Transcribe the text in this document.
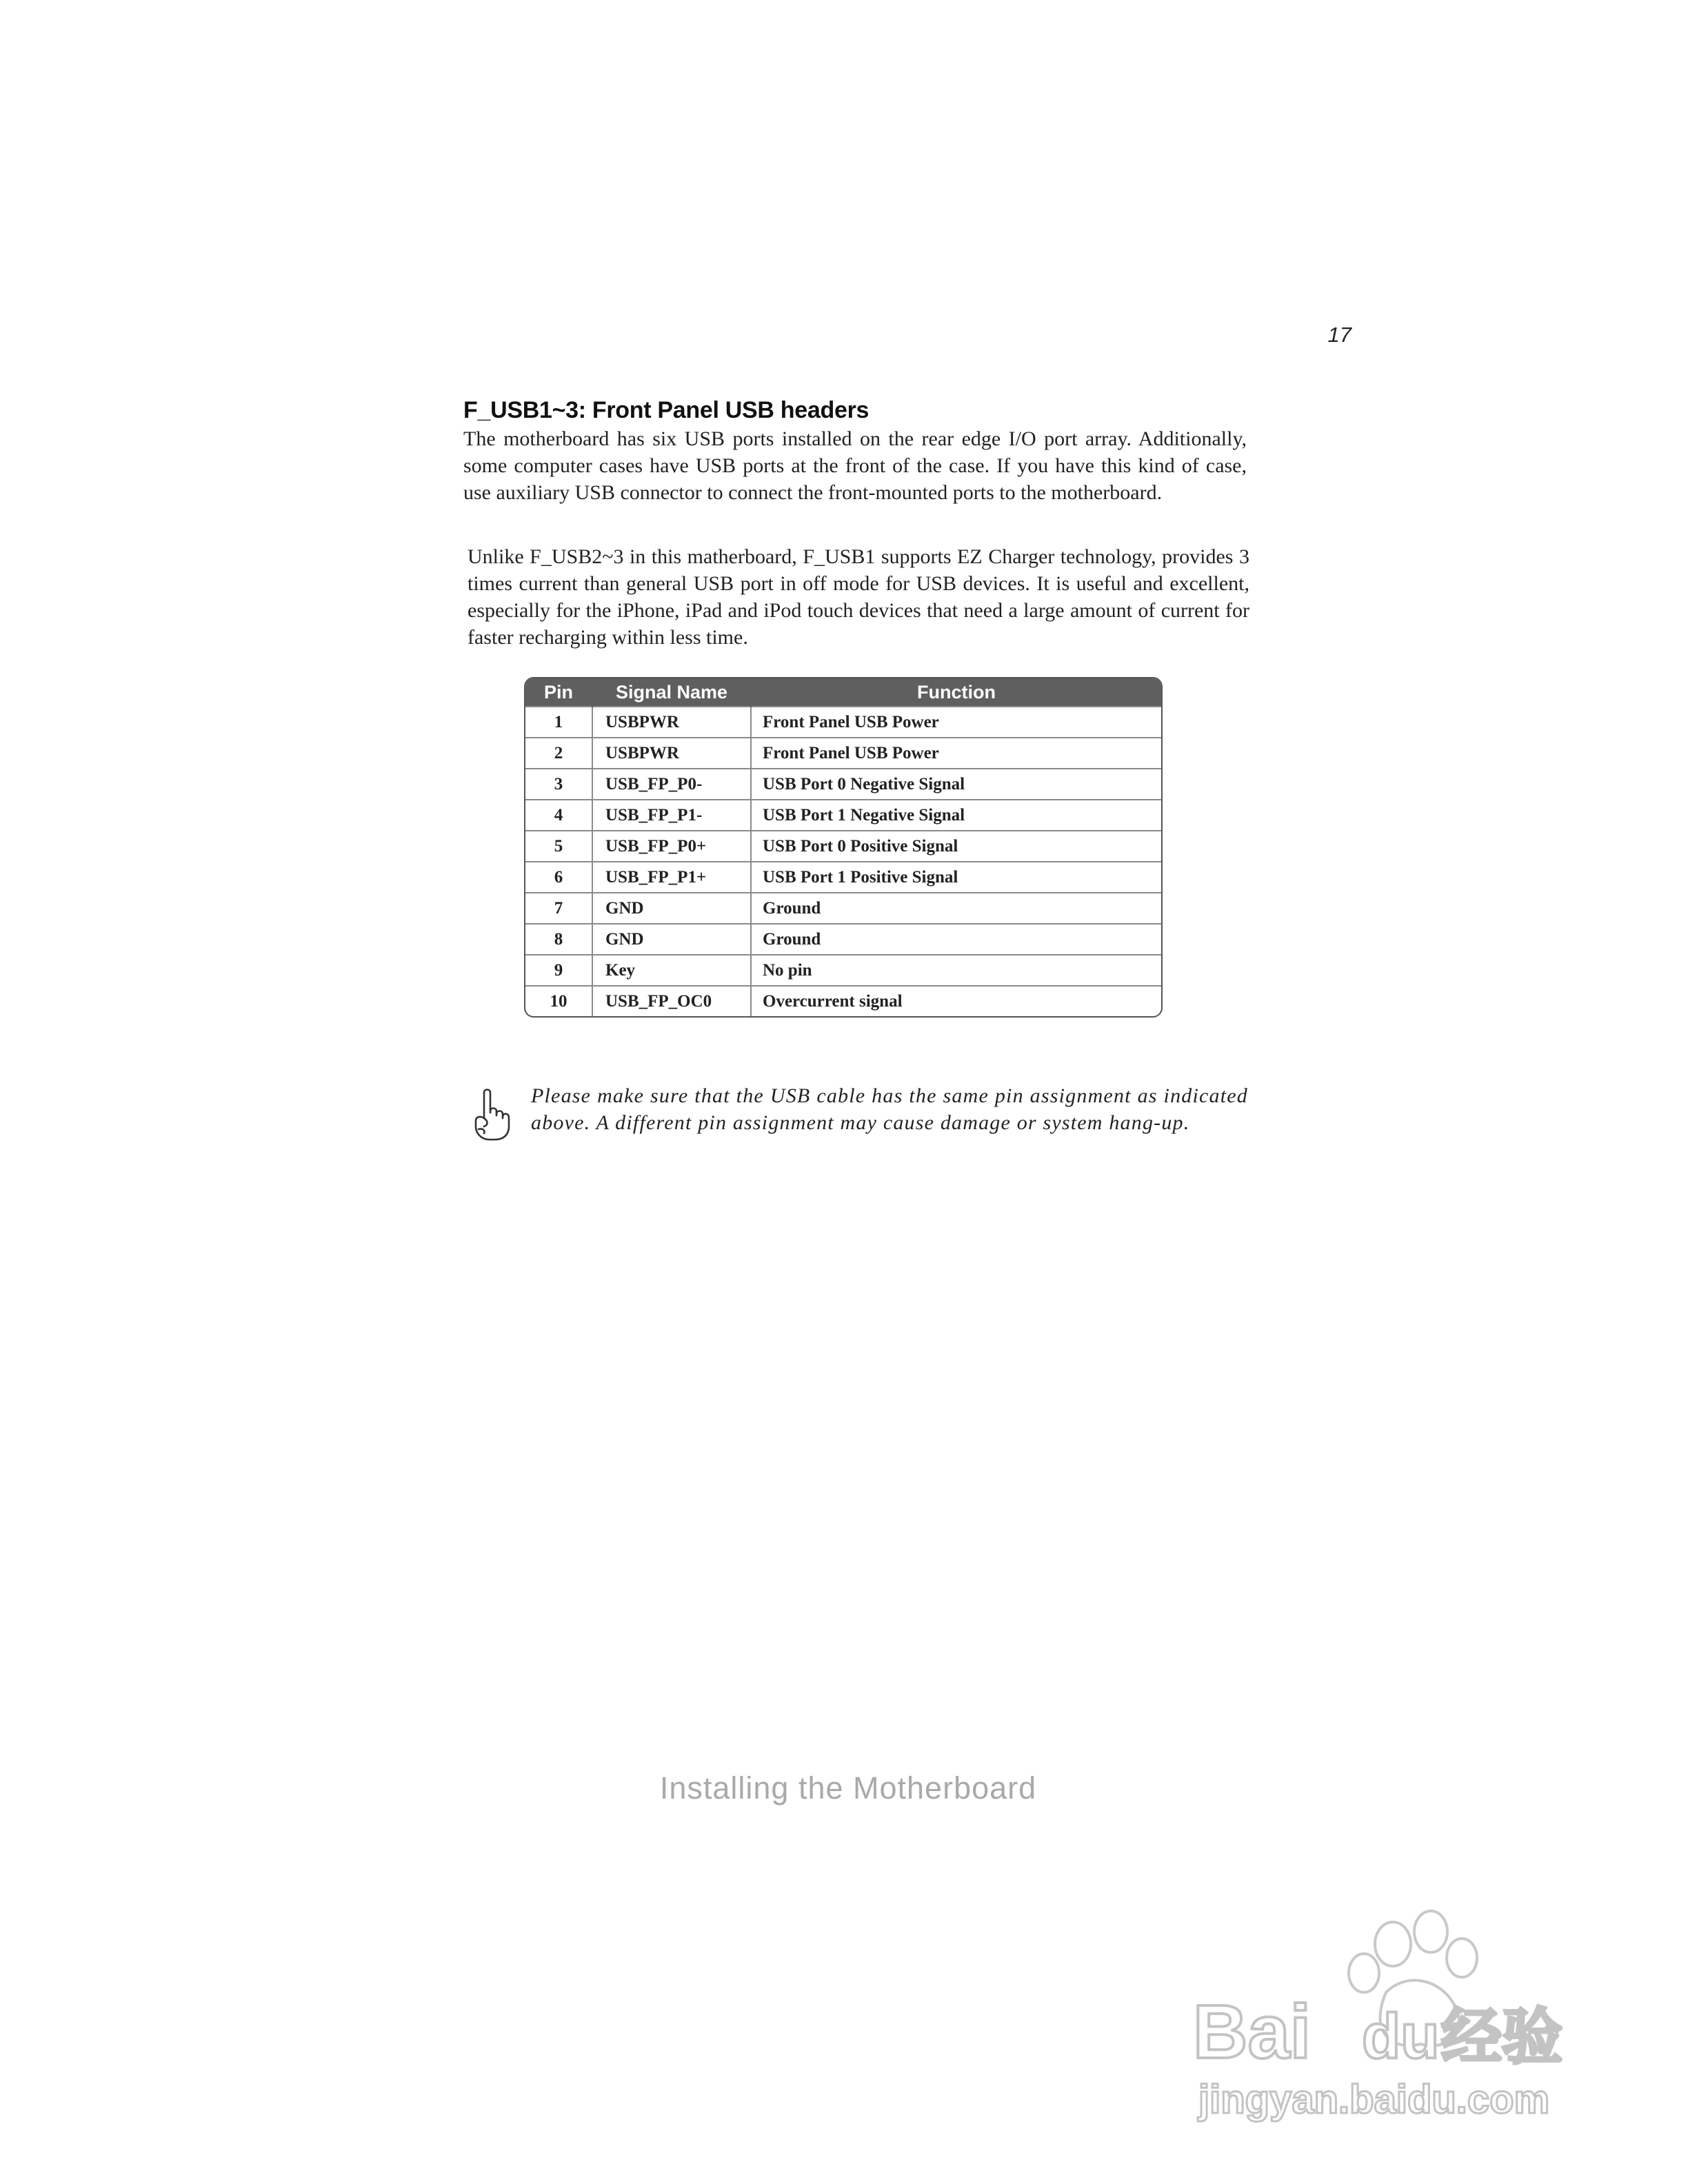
17
F_USB1~3: Front Panel USB headers

The motherboard has six USB ports installed on the rear edge I/O port array. Additionally, some computer cases have USB ports at the front of the case. If you have this kind of case, use auxiliary USB connector to connect the front-mounted ports to the motherboard.

Unlike F_USB2~3 in this matherboard, F_USB1 supports EZ Charger technology, provides 3 times current than general USB port in off mode for USB devices. It is useful and excellent, especially for the iPhone, iPad and iPod touch devices that need a large amount of current for faster recharging within less time.

Pin	Signal Name	Function
1	USBPWR	Front Panel USB Power
2	USBPWR	Front Panel USB Power
3	USB_FP_P0-	USB Port 0 Negative Signal
4	USB_FP_P1-	USB Port 1 Negative Signal
5	USB_FP_P0+	USB Port 0 Positive Signal
6	USB_FP_P1+	USB Port 1 Positive Signal
7	GND	Ground
8	GND	Ground
9	Key	No pin
10	USB_FP_OC0	Overcurrent signal

Please make sure that the USB cable has the same pin assignment as indicated above. A different pin assignment may cause damage or system hang-up.

Installing the Motherboard

Bai du 经验
jingyan.baidu.com
